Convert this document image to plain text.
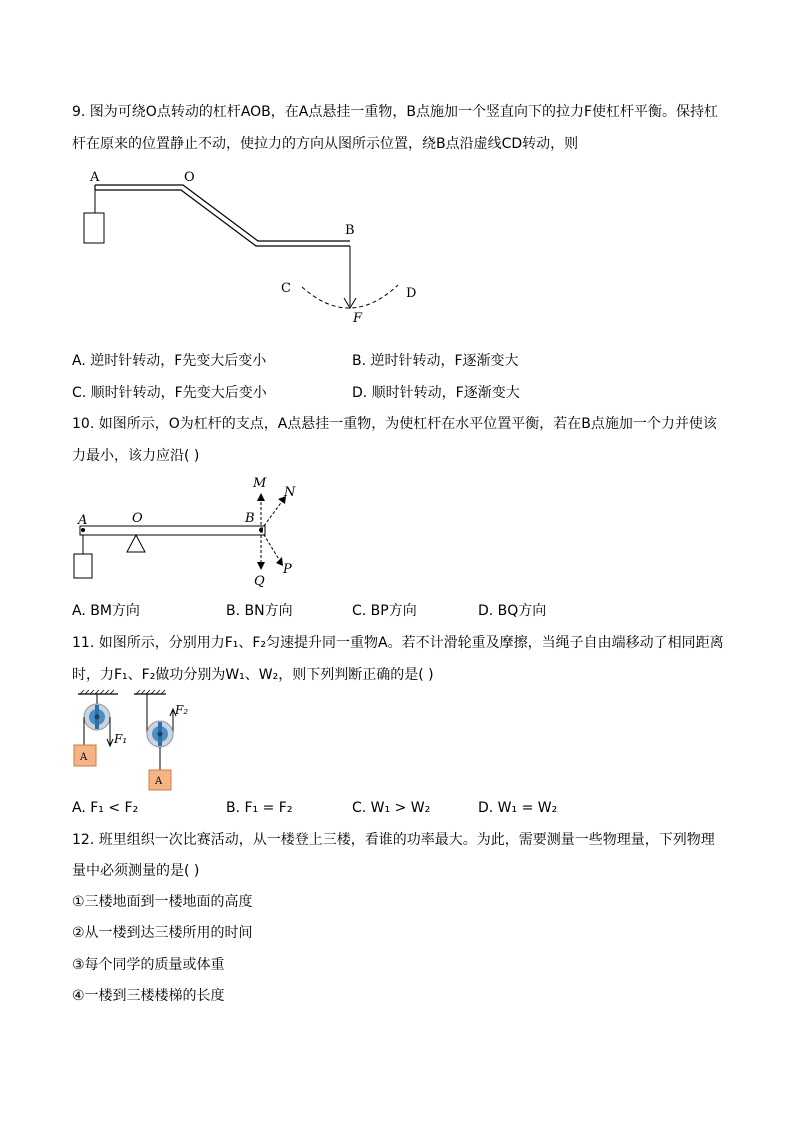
9. 图为可绕O点转动的杠杆AOB，在A点悬挂一重物，B点施加一个竖直向下的拉力F使杠杆平衡。保持杠
杆在原来的位置静止不动，使拉力的方向从图所示位置，绕B点沿虚线CD转动，则
A	O
B
C	D
F
A. 逆时针转动，F先变大后变小	B. 逆时针转动，F逐渐变大
C. 顺时针转动，F先变大后变小	D. 顺时针转动，F逐渐变大
10. 如图所示，O为杠杆的支点，A点悬挂一重物，为使杠杆在水平位置平衡，若在B点施加一个力并使该
力最小，该力应沿( )
M
N
A	O	B
Q
P
A. BM方向	B. BN方向	C. BP方向	D. BQ方向
11. 如图所示，分别用力F₁、F₂匀速提升同一重物A。若不计滑轮重及摩擦，当绳子自由端移动了相同距离
时，力F₁、F₂做功分别为W₁、W₂，则下列判断正确的是( )
F₁
A
F₂
A
A. F₁ < F₂	B. F₁ = F₂	C. W₁ > W₂	D. W₁ = W₂
12. 班里组织一次比赛活动，从一楼登上三楼，看谁的功率最大。为此，需要测量一些物理量，下列物理
量中必须测量的是( )
①三楼地面到一楼地面的高度
②从一楼到达三楼所用的时间
③每个同学的质量或体重
④一楼到三楼楼梯的长度
